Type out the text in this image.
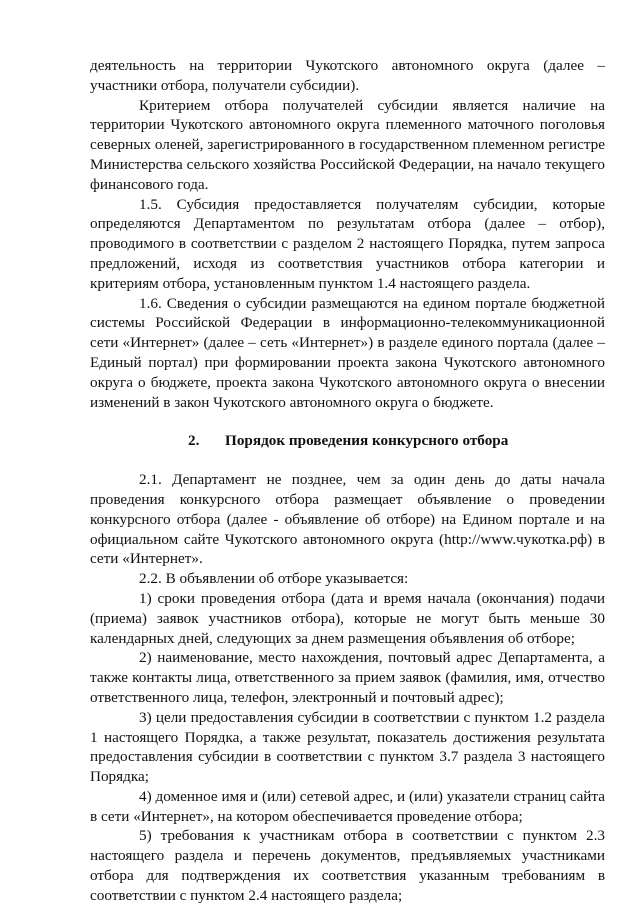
деятельность на территории Чукотского автономного округа (далее – участники отбора, получатели субсидии).

Критерием отбора получателей субсидии является наличие на территории Чукотского автономного округа племенного маточного поголовья северных оленей, зарегистрированного в государственном племенном регистре Министерства сельского хозяйства Российской Федерации, на начало текущего финансового года.

1.5. Субсидия предоставляется получателям субсидии, которые определяются Департаментом по результатам отбора (далее – отбор), проводимого в соответствии с разделом 2 настоящего Порядка, путем запроса предложений, исходя из соответствия участников отбора категории и критериям отбора, установленным пунктом 1.4 настоящего раздела.

1.6. Сведения о субсидии размещаются на едином портале бюджетной системы Российской Федерации в информационно-телекоммуникационной сети «Интернет» (далее – сеть «Интернет») в разделе единого портала (далее – Единый портал) при формировании проекта закона Чукотского автономного округа о бюджете, проекта закона Чукотского автономного округа о внесении изменений в закон Чукотского автономного округа о бюджете.

2. Порядок проведения конкурсного отбора

2.1. Департамент не позднее, чем за один день до даты начала проведения конкурсного отбора размещает объявление о проведении конкурсного отбора (далее - объявление об отборе) на Едином портале и на официальном сайте Чукотского автономного округа (http://www.чукотка.рф) в сети «Интернет».

2.2. В объявлении об отборе указывается:

1) сроки проведения отбора (дата и время начала (окончания) подачи (приема) заявок участников отбора), которые не могут быть меньше 30 календарных дней, следующих за днем размещения объявления об отборе;

2) наименование, место нахождения, почтовый адрес Департамента, а также контакты лица, ответственного за прием заявок (фамилия, имя, отчество ответственного лица, телефон, электронный и почтовый адрес);

3) цели предоставления субсидии в соответствии с пунктом 1.2 раздела 1 настоящего Порядка, а также результат, показатель достижения результата предоставления субсидии в соответствии с пунктом 3.7 раздела 3 настоящего Порядка;

4) доменное имя и (или) сетевой адрес, и (или) указатели страниц сайта в сети «Интернет», на котором обеспечивается проведение отбора;

5) требования к участникам отбора в соответствии с пунктом 2.3 настоящего раздела и перечень документов, предъявляемых участниками отбора для подтверждения их соответствия указанным требованиям в соответствии с пунктом 2.4 настоящего раздела;
